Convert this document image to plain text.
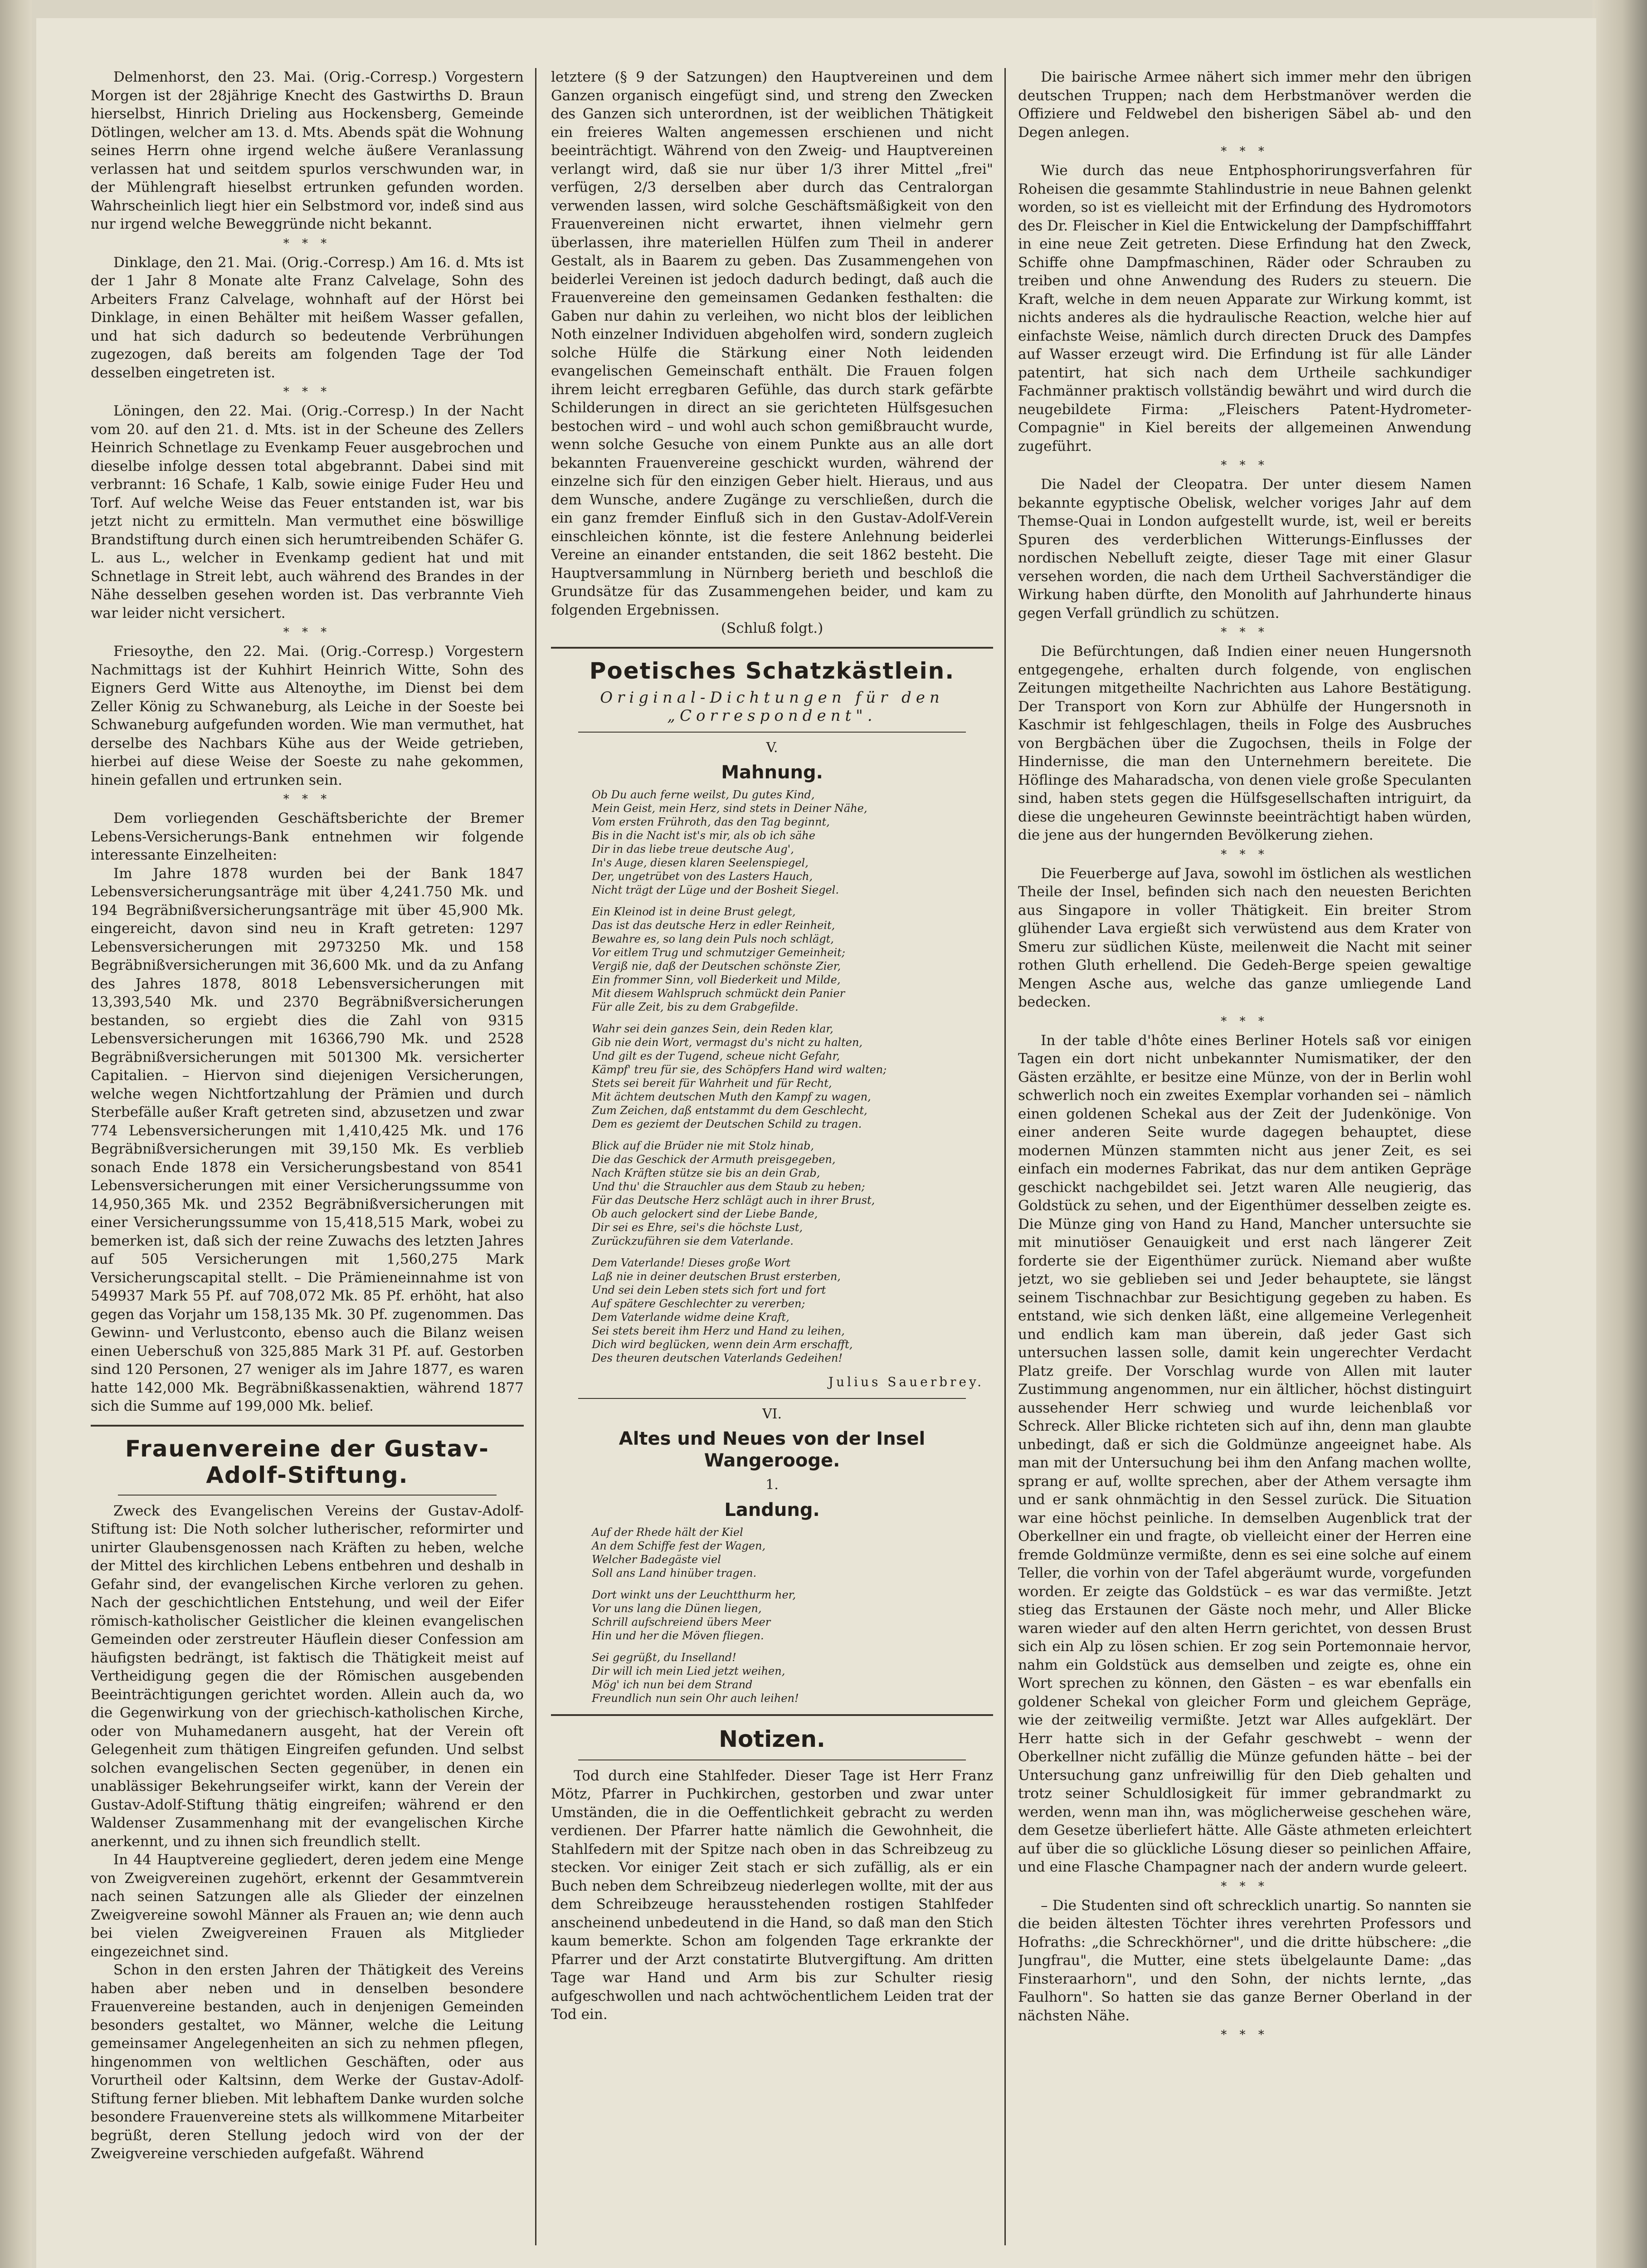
Delmenhorst, den 23. Mai. (Orig.-Corresp.) Vorgestern Morgen ist der 28jährige Knecht des Gastwirths D. Braun hierselbst, Hinrich Drieling aus Hockensberg, Gemeinde Dötlingen, welcher am 13. d. Mts. Abends spät die Wohnung seines Herrn ohne irgend welche äußere Veranlassung verlassen hat und seitdem spurlos verschwunden war, in der Mühlengraft hieselbst ertrunken gefunden worden. Wahrscheinlich liegt hier ein Selbstmord vor, indeß sind aus nur irgend welche Beweggründe nicht bekannt.

* * *

Dinklage, den 21. Mai. (Orig.-Corresp.) Am 16. d. Mts ist der 1 Jahr 8 Monate alte Franz Calvelage, Sohn des Arbeiters Franz Calvelage, wohnhaft auf der Hörst bei Dinklage, in einen Behälter mit heißem Wasser gefallen, und hat sich dadurch so bedeutende Verbrühungen zugezogen, daß bereits am folgenden Tage der Tod desselben eingetreten ist.

* * *

Löningen, den 22. Mai. (Orig.-Corresp.) In der Nacht vom 20. auf den 21. d. Mts. ist in der Scheune des Zellers Heinrich Schnetlage zu Evenkamp Feuer ausgebrochen und dieselbe infolge dessen total abgebrannt. Dabei sind mit verbrannt: 16 Schafe, 1 Kalb, sowie einige Fuder Heu und Torf. Auf welche Weise das Feuer entstanden ist, war bis jetzt nicht zu ermitteln. Man vermuthet eine böswillige Brandstiftung durch einen sich herumtreibenden Schäfer G. L. aus L., welcher in Evenkamp gedient hat und mit Schnetlage in Streit lebt, auch während des Brandes in der Nähe desselben gesehen worden ist. Das verbrannte Vieh war leider nicht versichert.

* * *

Friesoythe, den 22. Mai. (Orig.-Corresp.) Vorgestern Nachmittags ist der Kuhhirt Heinrich Witte, Sohn des Eigners Gerd Witte aus Altenoythe, im Dienst bei dem Zeller König zu Schwaneburg, als Leiche in der Soeste bei Schwaneburg aufgefunden worden. Wie man vermuthet, hat derselbe des Nachbars Kühe aus der Weide getrieben, hierbei auf diese Weise der Soeste zu nahe gekommen, hinein gefallen und ertrunken sein.

* * *

Dem vorliegenden Geschäftsberichte der Bremer Lebens-Versicherungs-Bank entnehmen wir folgende interessante Einzelheiten:

Im Jahre 1878 wurden bei der Bank 1847 Lebensversicherungsanträge mit über 4,241.750 Mk. und 194 Begräbnißversicherungsanträge mit über 45,900 Mk. eingereicht, davon sind neu in Kraft getreten: 1297 Lebensversicherungen mit 2973250 Mk. und 158 Begräbnißversicherungen mit 36,600 Mk. und da zu Anfang des Jahres 1878, 8018 Lebensversicherungen mit 13,393,540 Mk. und 2370 Begräbnißversicherungen bestanden, so ergiebt dies die Zahl von 9315 Lebensversicherungen mit 16366,790 Mk. und 2528 Begräbnißversicherungen mit 501300 Mk. versicherter Capitalien. – Hiervon sind diejenigen Versicherungen, welche wegen Nichtfortzahlung der Prämien und durch Sterbefälle außer Kraft getreten sind, abzusetzen und zwar 774 Lebensversicherungen mit 1,410,425 Mk. und 176 Begräbnißversicherungen mit 39,150 Mk. Es verblieb sonach Ende 1878 ein Versicherungsbestand von 8541 Lebensversicherungen mit einer Versicherungssumme von 14,950,365 Mk. und 2352 Begräbnißversicherungen mit einer Versicherungssumme von 15,418,515 Mark, wobei zu bemerken ist, daß sich der reine Zuwachs des letzten Jahres auf 505 Versicherungen mit 1,560,275 Mark Versicherungscapital stellt. – Die Prämieneinnahme ist von 549937 Mark 55 Pf. auf 708,072 Mk. 85 Pf. erhöht, hat also gegen das Vorjahr um 158,135 Mk. 30 Pf. zugenommen. Das Gewinn- und Verlustconto, ebenso auch die Bilanz weisen einen Ueberschuß von 325,885 Mark 31 Pf. auf. Gestorben sind 120 Personen, 27 weniger als im Jahre 1877, es waren hatte 142,000 Mk. Begräbnißkassenaktien, während 1877 sich die Summe auf 199,000 Mk. belief.

Frauenvereine der Gustav-Adolf-Stiftung.

Zweck des Evangelischen Vereins der Gustav-Adolf-Stiftung ist: Die Noth solcher lutherischer, reformirter und unirter Glaubensgenossen nach Kräften zu heben, welche der Mittel des kirchlichen Lebens entbehren und deshalb in Gefahr sind, der evangelischen Kirche verloren zu gehen. Nach der geschichtlichen Entstehung, und weil der Eifer römisch-katholischer Geistlicher die kleinen evangelischen Gemeinden oder zerstreuter Häuflein dieser Confession am häufigsten bedrängt, ist faktisch die Thätigkeit meist auf Vertheidigung gegen die der Römischen ausgebenden Beeinträchtigungen gerichtet worden. Allein auch da, wo die Gegenwirkung von der griechisch-katholischen Kirche, oder von Muhamedanern ausgeht, hat der Verein oft Gelegenheit zum thätigen Eingreifen gefunden. Und selbst solchen evangelischen Secten gegenüber, in denen ein unablässiger Bekehrungseifer wirkt, kann der Verein der Gustav-Adolf-Stiftung thätig eingreifen; während er den Waldenser Zusammenhang mit der evangelischen Kirche anerkennt, und zu ihnen sich freundlich stellt.

In 44 Hauptvereine gegliedert, deren jedem eine Menge von Zweigvereinen zugehört, erkennt der Gesammtverein nach seinen Satzungen alle als Glieder der einzelnen Zweigvereine sowohl Männer als Frauen an; wie denn auch bei vielen Zweigvereinen Frauen als Mitglieder eingezeichnet sind.

Schon in den ersten Jahren der Thätigkeit des Vereins haben aber neben und in denselben besondere Frauenvereine bestanden, auch in denjenigen Gemeinden besonders gestaltet, wo Männer, welche die Leitung gemeinsamer Angelegenheiten an sich zu nehmen pflegen, hingenommen von weltlichen Geschäften, oder aus Vorurtheil oder Kaltsinn, dem Werke der Gustav-Adolf-Stiftung ferner blieben. Mit lebhaftem Danke wurden solche besondere Frauenvereine stets als willkommene Mitarbeiter begrüßt, deren Stellung jedoch wird von der der Zweigvereine verschieden aufgefaßt. Während

letztere (§ 9 der Satzungen) den Hauptvereinen und dem Ganzen organisch eingefügt sind, und streng den Zwecken des Ganzen sich unterordnen, ist der weiblichen Thätigkeit ein freieres Walten angemessen erschienen und nicht beeinträchtigt. Während von den Zweig- und Hauptvereinen verlangt wird, daß sie nur über 1/3 ihrer Mittel „frei" verfügen, 2/3 derselben aber durch das Centralorgan verwenden lassen, wird solche Geschäftsmäßigkeit von den Frauenvereinen nicht erwartet, ihnen vielmehr gern überlassen, ihre materiellen Hülfen zum Theil in anderer Gestalt, als in Baarem zu geben. Das Zusammengehen von beiderlei Vereinen ist jedoch dadurch bedingt, daß auch die Frauenvereine den gemeinsamen Gedanken festhalten: die Gaben nur dahin zu verleihen, wo nicht blos der leiblichen Noth einzelner Individuen abgeholfen wird, sondern zugleich solche Hülfe die Stärkung einer Noth leidenden evangelischen Gemeinschaft enthält. Die Frauen folgen ihrem leicht erregbaren Gefühle, das durch stark gefärbte Schilderungen in direct an sie gerichteten Hülfsgesuchen bestochen wird – und wohl auch schon gemißbraucht wurde, wenn solche Gesuche von einem Punkte aus an alle dort bekannten Frauenvereine geschickt wurden, während der einzelne sich für den einzigen Geber hielt. Hieraus, und aus dem Wunsche, andere Zugänge zu verschließen, durch die ein ganz fremder Einfluß sich in den Gustav-Adolf-Verein einschleichen könnte, ist die festere Anlehnung beiderlei Vereine an einander entstanden, die seit 1862 besteht. Die Hauptversammlung in Nürnberg berieth und beschloß die Grundsätze für das Zusammengehen beider, und kam zu folgenden Ergebnissen.

(Schluß folgt.)
Poetisches Schatzkästlein.
Original-Dichtungen für den „Correspondent".
V.
Mahnung.
Ob Du auch ferne weilst, Du gutes Kind,
Mein Geist, mein Herz, sind stets in Deiner Nähe,
Vom ersten Frühroth, das den Tag beginnt,
Bis in die Nacht ist's mir, als ob ich sähe
Dir in das liebe treue deutsche Aug',
In's Auge, diesen klaren Seelenspiegel,
Der, ungetrübet von des Lasters Hauch,
Nicht trägt der Lüge und der Bosheit Siegel.
Ein Kleinod ist in deine Brust gelegt,
Das ist das deutsche Herz in edler Reinheit,
Bewahre es, so lang dein Puls noch schlägt,
Vor eitlem Trug und schmutziger Gemeinheit;
Vergiß nie, daß der Deutschen schönste Zier,
Ein frommer Sinn, voll Biederkeit und Milde,
Mit diesem Wahlspruch schmückt dein Panier
Für alle Zeit, bis zu dem Grabgefilde.
Wahr sei dein ganzes Sein, dein Reden klar,
Gib nie dein Wort, vermagst du's nicht zu halten,
Und gilt es der Tugend, scheue nicht Gefahr,
Kämpf' treu für sie, des Schöpfers Hand wird walten;
Stets sei bereit für Wahrheit und für Recht,
Mit ächtem deutschen Muth den Kampf zu wagen,
Zum Zeichen, daß entstammt du dem Geschlecht,
Dem es geziemt der Deutschen Schild zu tragen.
Blick auf die Brüder nie mit Stolz hinab,
Die das Geschick der Armuth preisgegeben,
Nach Kräften stütze sie bis an dein Grab,
Und thu' die Strauchler aus dem Staub zu heben;
Für das Deutsche Herz schlägt auch in ihrer Brust,
Ob auch gelockert sind der Liebe Bande,
Dir sei es Ehre, sei's die höchste Lust,
Zurückzuführen sie dem Vaterlande.
Dem Vaterlande! Dieses große Wort
Laß nie in deiner deutschen Brust ersterben,
Und sei dein Leben stets sich fort und fort
Auf spätere Geschlechter zu vererben;
Dem Vaterlande widme deine Kraft,
Sei stets bereit ihm Herz und Hand zu leihen,
Dich wird beglücken, wenn dein Arm erschafft,
Des theuren deutschen Vaterlands Gedeihen!
Julius Sauerbrey.
VI.
Altes und Neues von der Insel Wangerooge.
1.
Landung.
Auf der Rhede hält der Kiel
An dem Schiffe fest der Wagen,
Welcher Badegäste viel
Soll ans Land hinüber tragen.
Dort winkt uns der Leuchtthurm her,
Vor uns lang die Dünen liegen,
Schrill aufschreiend übers Meer
Hin und her die Möven fliegen.
Sei gegrüßt, du Inselland!
Dir will ich mein Lied jetzt weihen,
Mög' ich nun bei dem Strand
Freundlich nun sein Ohr auch leihen!
Notizen.

Tod durch eine Stahlfeder. Dieser Tage ist Herr Franz Mötz, Pfarrer in Puchkirchen, gestorben und zwar unter Umständen, die in die Oeffentlichkeit gebracht zu werden verdienen. Der Pfarrer hatte nämlich die Gewohnheit, die Stahlfedern mit der Spitze nach oben in das Schreibzeug zu stecken. Vor einiger Zeit stach er sich zufällig, als er ein Buch neben dem Schreibzeug niederlegen wollte, mit der aus dem Schreibzeuge herausstehenden rostigen Stahlfeder anscheinend unbedeutend in die Hand, so daß man den Stich kaum bemerkte. Schon am folgenden Tage erkrankte der Pfarrer und der Arzt constatirte Blutvergiftung. Am dritten Tage war Hand und Arm bis zur Schulter riesig aufgeschwollen und nach achtwöchentlichem Leiden trat der Tod ein.

Die bairische Armee nähert sich immer mehr den übrigen deutschen Truppen; nach dem Herbstmanöver werden die Offiziere und Feldwebel den bisherigen Säbel ab- und den Degen anlegen.

* * *

Wie durch das neue Entphosphorirungsverfahren für Roheisen die gesammte Stahlindustrie in neue Bahnen gelenkt worden, so ist es vielleicht mit der Erfindung des Hydromotors des Dr. Fleischer in Kiel die Entwickelung der Dampfschifffahrt in eine neue Zeit getreten. Diese Erfindung hat den Zweck, Schiffe ohne Dampfmaschinen, Räder oder Schrauben zu treiben und ohne Anwendung des Ruders zu steuern. Die Kraft, welche in dem neuen Apparate zur Wirkung kommt, ist nichts anderes als die hydraulische Reaction, welche hier auf einfachste Weise, nämlich durch directen Druck des Dampfes auf Wasser erzeugt wird. Die Erfindung ist für alle Länder patentirt, hat sich nach dem Urtheile sachkundiger Fachmänner praktisch vollständig bewährt und wird durch die neugebildete Firma: „Fleischers Patent-Hydrometer-Compagnie" in Kiel bereits der allgemeinen Anwendung zugeführt.

* * *

Die Nadel der Cleopatra. Der unter diesem Namen bekannte egyptische Obelisk, welcher voriges Jahr auf dem Themse-Quai in London aufgestellt wurde, ist, weil er bereits Spuren des verderblichen Witterungs-Einflusses der nordischen Nebelluft zeigte, dieser Tage mit einer Glasur versehen worden, die nach dem Urtheil Sachverständiger die Wirkung haben dürfte, den Monolith auf Jahrhunderte hinaus gegen Verfall gründlich zu schützen.

* * *

Die Befürchtungen, daß Indien einer neuen Hungersnoth entgegengehe, erhalten durch folgende, von englischen Zeitungen mitgetheilte Nachrichten aus Lahore Bestätigung. Der Transport von Korn zur Abhülfe der Hungersnoth in Kaschmir ist fehlgeschlagen, theils in Folge des Ausbruches von Bergbächen über die Zugochsen, theils in Folge der Hindernisse, die man den Unternehmern bereitete. Die Höflinge des Maharadscha, von denen viele große Speculanten sind, haben stets gegen die Hülfsgesellschaften intriguirt, da diese die ungeheuren Gewinnste beeinträchtigt haben würden, die jene aus der hungernden Bevölkerung ziehen.

* * *

Die Feuerberge auf Java, sowohl im östlichen als westlichen Theile der Insel, befinden sich nach den neuesten Berichten aus Singapore in voller Thätigkeit. Ein breiter Strom glühender Lava ergießt sich verwüstend aus dem Krater von Smeru zur südlichen Küste, meilenweit die Nacht mit seiner rothen Gluth erhellend. Die Gedeh-Berge speien gewaltige Mengen Asche aus, welche das ganze umliegende Land bedecken.

* * *

In der table d'hôte eines Berliner Hotels saß vor einigen Tagen ein dort nicht unbekannter Numismatiker, der den Gästen erzählte, er besitze eine Münze, von der in Berlin wohl schwerlich noch ein zweites Exemplar vorhanden sei – nämlich einen goldenen Schekal aus der Zeit der Judenkönige. Von einer anderen Seite wurde dagegen behauptet, diese modernen Münzen stammten nicht aus jener Zeit, es sei einfach ein modernes Fabrikat, das nur dem antiken Gepräge geschickt nachgebildet sei. Jetzt waren Alle neugierig, das Goldstück zu sehen, und der Eigenthümer desselben zeigte es. Die Münze ging von Hand zu Hand, Mancher untersuchte sie mit minutiöser Genauigkeit und erst nach längerer Zeit forderte sie der Eigenthümer zurück. Niemand aber wußte jetzt, wo sie geblieben sei und Jeder behauptete, sie längst seinem Tischnachbar zur Besichtigung gegeben zu haben. Es entstand, wie sich denken läßt, eine allgemeine Verlegenheit und endlich kam man überein, daß jeder Gast sich untersuchen lassen solle, damit kein ungerechter Verdacht Platz greife. Der Vorschlag wurde von Allen mit lauter Zustimmung angenommen, nur ein ältlicher, höchst distinguirt aussehender Herr schwieg und wurde leichenblaß vor Schreck. Aller Blicke richteten sich auf ihn, denn man glaubte unbedingt, daß er sich die Goldmünze angeeignet habe. Als man mit der Untersuchung bei ihm den Anfang machen wollte, sprang er auf, wollte sprechen, aber der Athem versagte ihm und er sank ohnmächtig in den Sessel zurück. Die Situation war eine höchst peinliche. In demselben Augenblick trat der Oberkellner ein und fragte, ob vielleicht einer der Herren eine fremde Goldmünze vermißte, denn es sei eine solche auf einem Teller, die vorhin von der Tafel abgeräumt wurde, vorgefunden worden. Er zeigte das Goldstück – es war das vermißte. Jetzt stieg das Erstaunen der Gäste noch mehr, und Aller Blicke waren wieder auf den alten Herrn gerichtet, von dessen Brust sich ein Alp zu lösen schien. Er zog sein Portemonnaie hervor, nahm ein Goldstück aus demselben und zeigte es, ohne ein Wort sprechen zu können, den Gästen – es war ebenfalls ein goldener Schekal von gleicher Form und gleichem Gepräge, wie der zeitweilig vermißte. Jetzt war Alles aufgeklärt. Der Herr hatte sich in der Gefahr geschwebt – wenn der Oberkellner nicht zufällig die Münze gefunden hätte – bei der Untersuchung ganz unfreiwillig für den Dieb gehalten und trotz seiner Schuldlosigkeit für immer gebrandmarkt zu werden, wenn man ihn, was möglicherweise geschehen wäre, dem Gesetze überliefert hätte. Alle Gäste athmeten erleichtert auf über die so glückliche Lösung dieser so peinlichen Affaire, und eine Flasche Champagner nach der andern wurde geleert.

* * *

– Die Studenten sind oft schrecklich unartig. So nannten sie die beiden ältesten Töchter ihres verehrten Professors und Hofraths: „die Schreckhörner", und die dritte hübschere: „die Jungfrau", die Mutter, eine stets übelgelaunte Dame: „das Finsteraarhorn", und den Sohn, der nichts lernte, „das Faulhorn". So hatten sie das ganze Berner Oberland in der nächsten Nähe.

* * *
